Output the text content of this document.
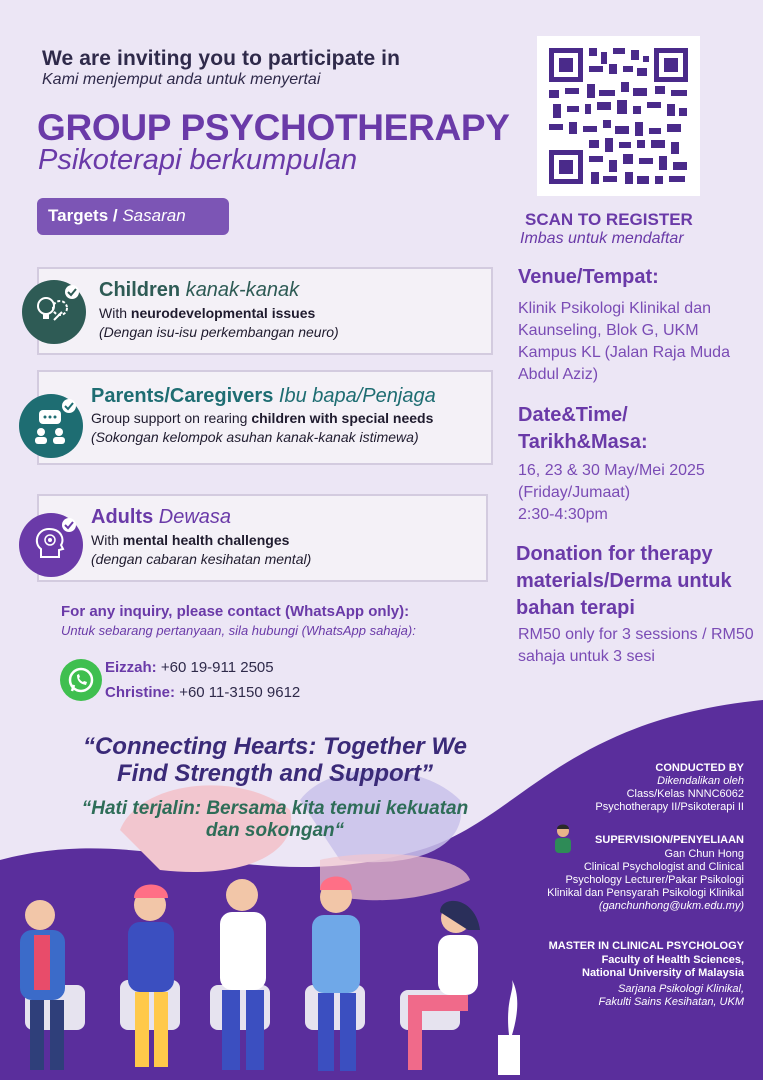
We are inviting you to participate in
Kami menjemput anda untuk menyertai
GROUP PSYCHOTHERAPY
Psikoterapi berkumpulan
Targets / Sasaran
Children kanak-kanak
With neurodevelopmental issues
(Dengan isu-isu perkembangan neuro)
Parents/Caregivers Ibu bapa/Penjaga
Group support on rearing children with special needs
(Sokongan kelompok asuhan kanak-kanak istimewa)
Adults Dewasa
With mental health challenges
(dengan cabaran kesihatan mental)
For any inquiry, please contact (WhatsApp only):
Untuk sebarang pertanyaan, sila hubungi (WhatsApp sahaja):
Eizzah: +60 19-911 2505
Christine: +60 11-3150 9612
SCAN TO REGISTER
Imbas untuk mendaftar
Venue/Tempat:
Klinik Psikologi Klinikal dan Kaunseling, Blok G, UKM Kampus KL (Jalan Raja Muda Abdul Aziz)
Date&Time/ Tarikh&Masa:
16, 23 & 30 May/Mei 2025
(Friday/Jumaat)
2:30-4:30pm
Donation for therapy materials/Derma untuk bahan terapi
RM50 only for 3 sessions / RM50 sahaja untuk 3 sesi
“Connecting Hearts: Together We Find Strength and Support”
“Hati terjalin: Bersama kita temui kekuatan dan sokongan“
CONDUCTED BY
Dikendalikan oleh
Class/Kelas NNNC6062
Psychotherapy II/Psikoterapi II
SUPERVISION/PENYELIAAN
Gan Chun Hong
Clinical Psychologist and Clinical
Psychology Lecturer/Pakar Psikologi
Klinikal dan Pensyarah Psikologi Klinikal
(ganchunhong@ukm.edu.my)
MASTER IN CLINICAL PSYCHOLOGY
Faculty of Health Sciences,
National University of Malaysia
Sarjana Psikologi Klinikal,
Fakulti Sains Kesihatan, UKM
